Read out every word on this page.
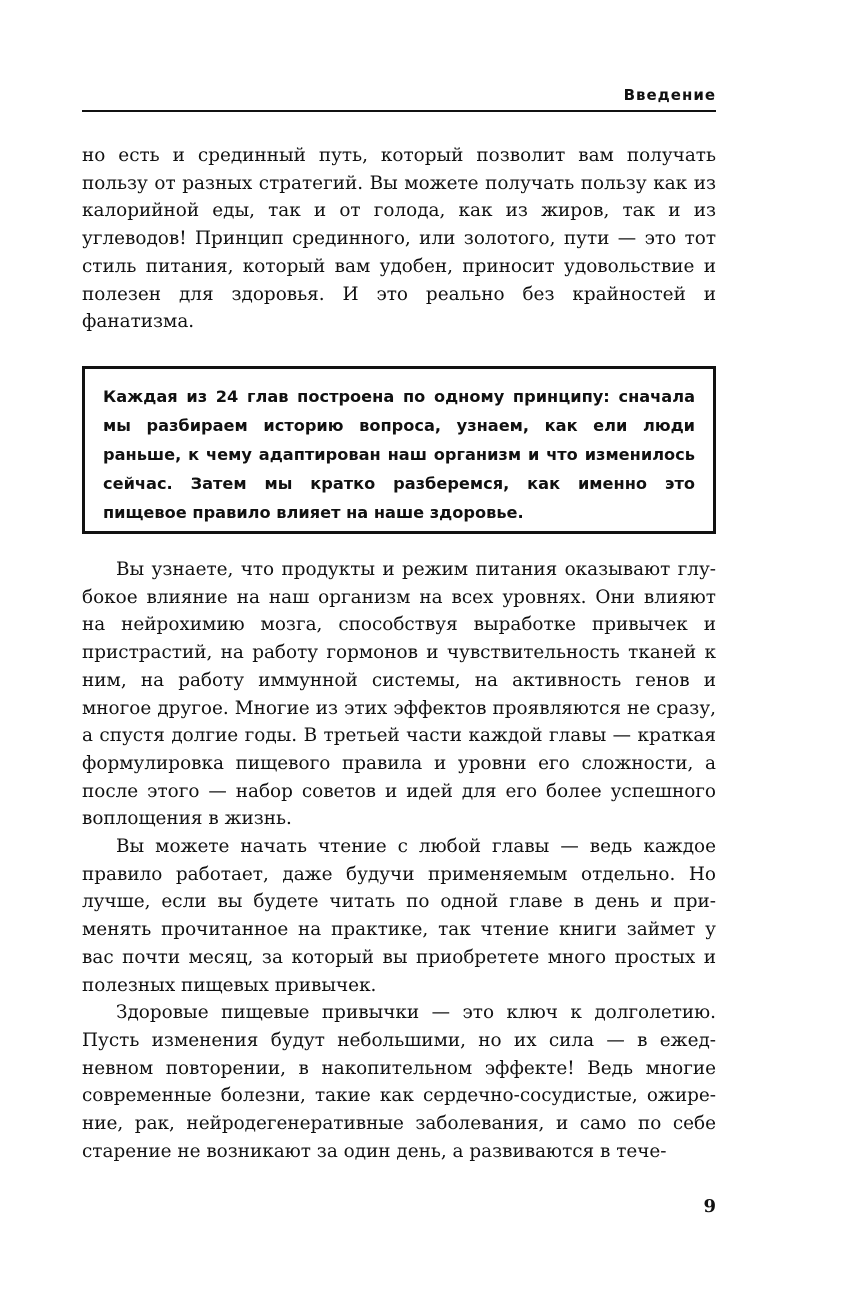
Введение

но есть и срединный путь, который позволит вам получать пользу от разных стратегий. Вы можете получать пользу как из калорийной еды, так и от голода, как из жиров, так и из углеводов! Принцип срединного, или золотого, пути — это тот стиль питания, который вам удобен, приносит удовольствие и полезен для здоровья. И это реально без крайностей и фанатизма.

Каждая из 24 глав построена по одному принципу: сначала мы разбираем историю вопроса, узнаем, как ели люди раньше, к чему адаптирован наш организм и что изменилось сейчас. Затем мы кратко разберемся, как именно это пищевое правило влияет на наше здоровье.

Вы узнаете, что продукты и режим питания оказывают глубокое влияние на наш организм на всех уровнях. Они влияют на нейрохимию мозга, способствуя выработке привычек и пристрастий, на работу гормонов и чувствительность тканей к ним, на работу иммунной системы, на активность генов и многое другое. Многие из этих эффектов проявляются не сразу, а спустя долгие годы. В третьей части каждой главы — краткая формулировка пищевого правила и уровни его сложности, а после этого — набор советов и идей для его более успешного воплощения в жизнь.

Вы можете начать чтение с любой главы — ведь каждое правило работает, даже будучи применяемым отдельно. Но лучше, если вы будете читать по одной главе в день и применять прочитанное на практике, так чтение книги займет у вас почти месяц, за который вы приобретете много простых и полезных пищевых привычек.

Здоровые пищевые привычки — это ключ к долголетию. Пусть изменения будут небольшими, но их сила — в ежедневном повторении, в накопительном эффекте! Ведь многие современные болезни, такие как сердечно-сосудистые, ожирение, рак, нейродегенеративные заболевания, и само по себе старение не возникают за один день, а развиваются в тече-

9
